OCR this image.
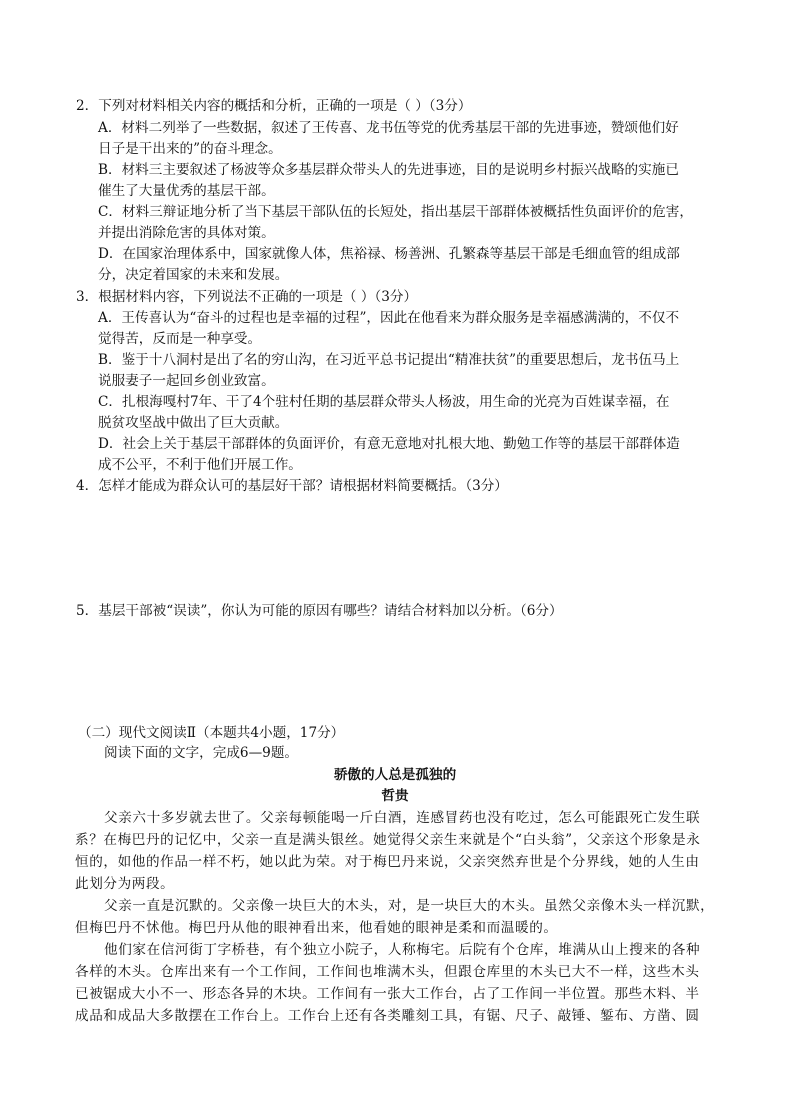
2．下列对材料相关内容的概括和分析，正确的一项是（ ）（3分）
A．材料二列举了一些数据，叙述了王传喜、龙书伍等党的优秀基层干部的先进事迹，赞颂他们好
日子是干出来的”的奋斗理念。
B．材料三主要叙述了杨波等众多基层群众带头人的先进事迹，目的是说明乡村振兴战略的实施已
催生了大量优秀的基层干部。
C．材料三辩证地分析了当下基层干部队伍的长短处，指出基层干部群体被概括性负面评价的危害，
并提出消除危害的具体对策。
D．在国家治理体系中，国家就像人体，焦裕禄、杨善洲、孔繁森等基层干部是毛细血管的组成部
分，决定着国家的未来和发展。
3．根据材料内容，下列说法不正确的一项是（ ）（3分）
A．王传喜认为“奋斗的过程也是幸福的过程”，因此在他看来为群众服务是幸福感满满的，不仅不
觉得苦，反而是一种享受。
B．鉴于十八洞村是出了名的穷山沟，在习近平总书记提出“精准扶贫”的重要思想后，龙书伍马上
说服妻子一起回乡创业致富。
C．扎根海嘎村7年、干了4个驻村任期的基层群众带头人杨波，用生命的光亮为百姓谋幸福，在
脱贫攻坚战中做出了巨大贡献。
D．社会上关于基层干部群体的负面评价，有意无意地对扎根大地、勤勉工作等的基层干部群体造
成不公平，不利于他们开展工作。
4．怎样才能成为群众认可的基层好干部？请根据材料简要概括。（3分）
5．基层干部被“误读”，你认为可能的原因有哪些？请结合材料加以分析。（6分）
（二）现代文阅读Ⅱ（本题共4小题，17分）
阅读下面的文字，完成6—9题。
骄傲的人总是孤独的
哲贵
父亲六十多岁就去世了。父亲每顿能喝一斤白酒，连感冒药也没有吃过，怎么可能跟死亡发生联
系？在梅巴丹的记忆中，父亲一直是满头银丝。她觉得父亲生来就是个“白头翁”，父亲这个形象是永
恒的，如他的作品一样不朽，她以此为荣。对于梅巴丹来说，父亲突然弃世是个分界线，她的人生由
此划分为两段。
父亲一直是沉默的。父亲像一块巨大的木头，对，是一块巨大的木头。虽然父亲像木头一样沉默，
但梅巴丹不怵他。梅巴丹从他的眼神看出来，他看她的眼神是柔和而温暖的。
他们家在信河街丁字桥巷，有个独立小院子，人称梅宅。后院有个仓库，堆满从山上搜来的各种
各样的木头。仓库出来有一个工作间，工作间也堆满木头，但跟仓库里的木头已大不一样，这些木头
已被锯成大小不一、形态各异的木块。工作间有一张大工作台，占了工作间一半位置。那些木料、半
成品和成品大多散摆在工作台上。工作台上还有各类雕刻工具，有锯、尺子、敲锤、錾布、方凿、圆
